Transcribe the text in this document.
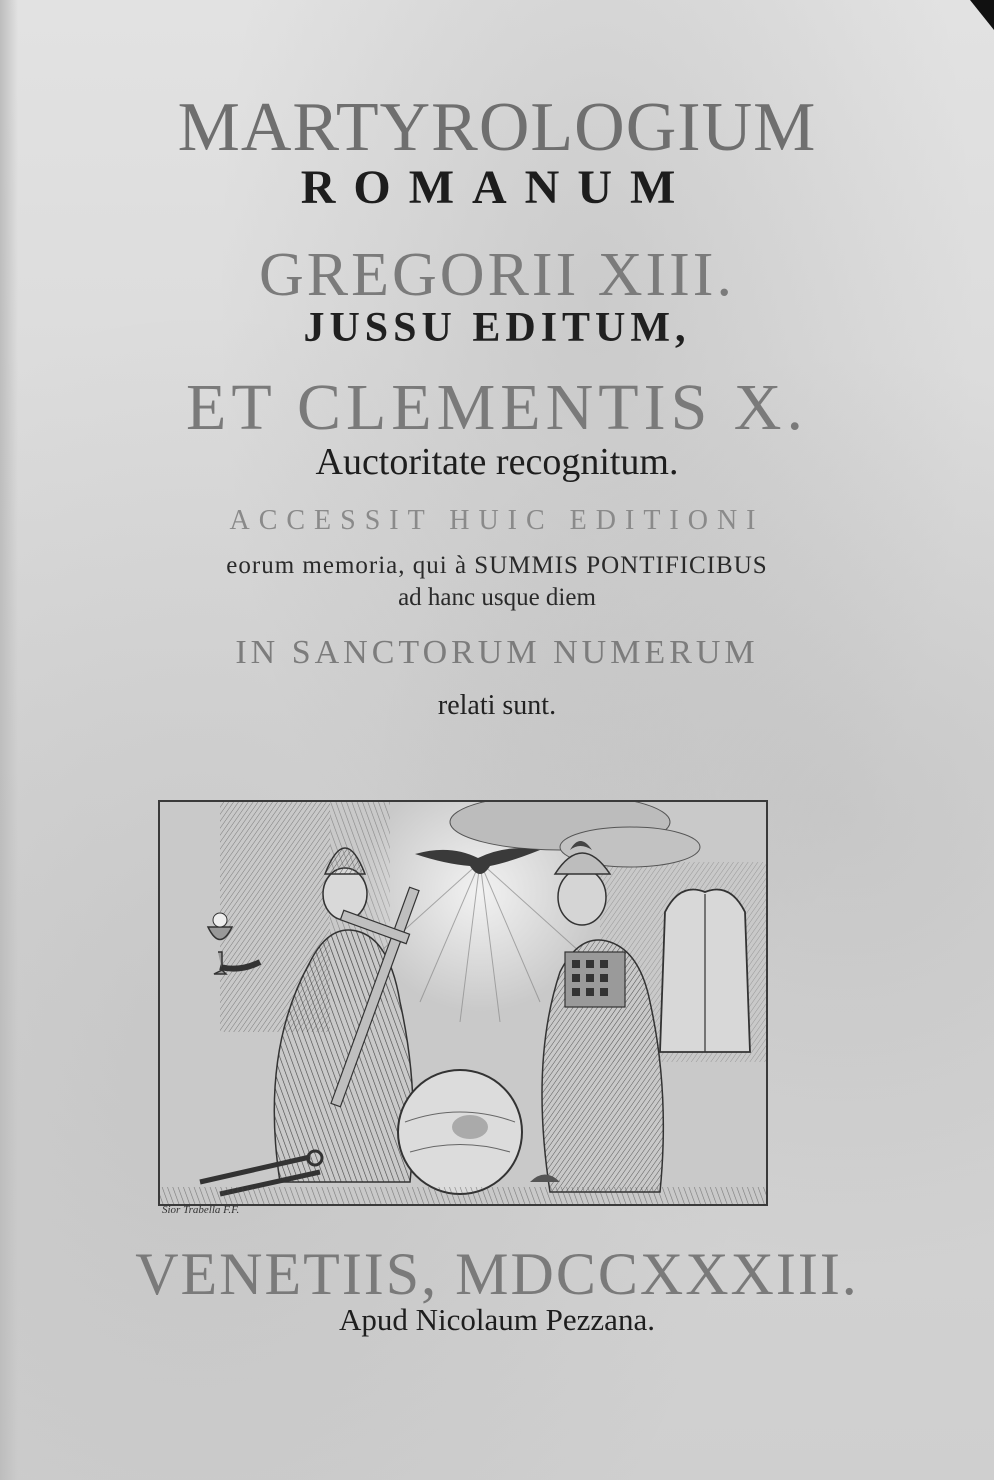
MARTYROLOGIUM
ROMANUM
GREGORII XIII.
JUSSU EDITUM,
ET CLEMENTIS X.
Auctoritate recognitum.
ACCESSIT HUIC EDITIONI
eorum memoria, qui à SUMMIS PONTIFICIBUS
ad hanc usque diem
IN SANCTORUM NUMERUM
relati sunt.
Sior Trabella F.F.
VENETIIS, MDCCXXXIII.
Apud Nicolaum Pezzana.
